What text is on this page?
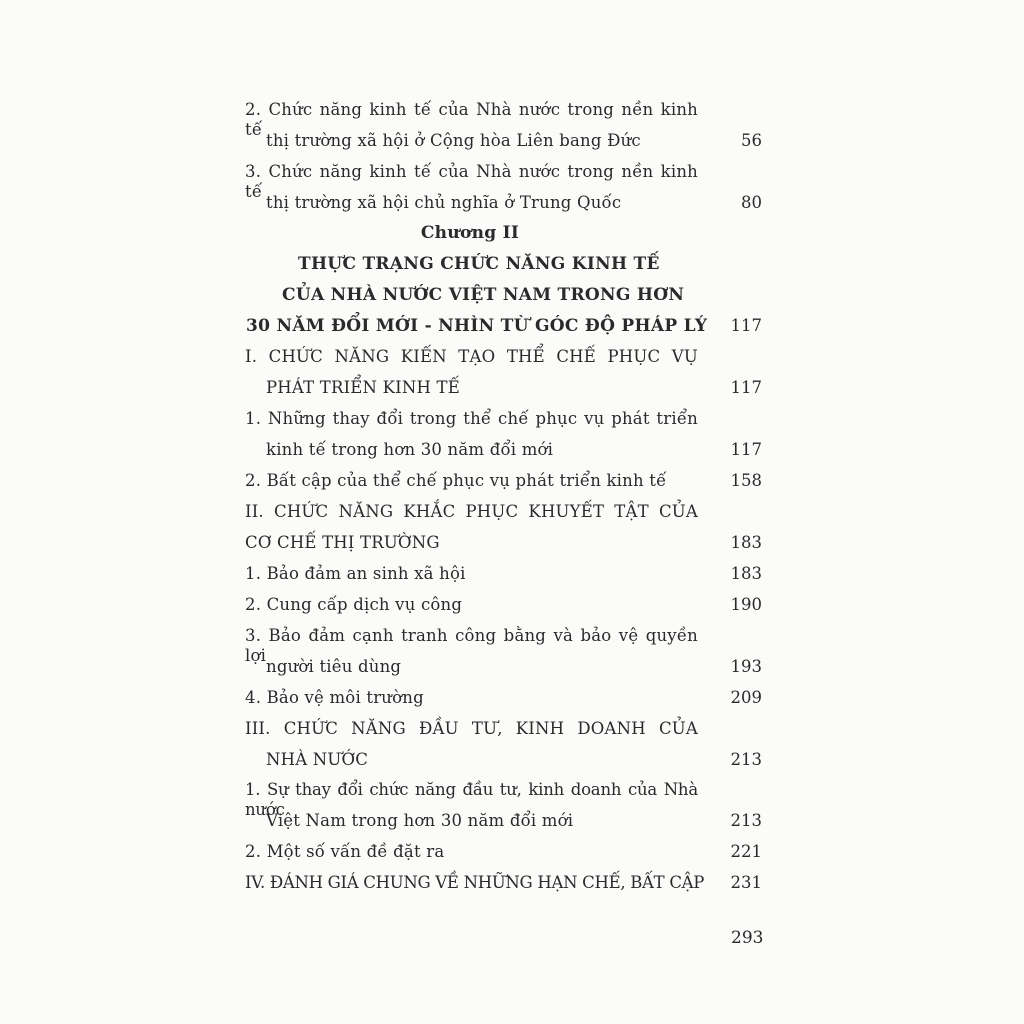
2. Chức năng kinh tế của Nhà nước trong nền kinh tế
thị trường xã hội ở Cộng hòa Liên bang Đức	56
3. Chức năng kinh tế của Nhà nước trong nền kinh tế
thị trường xã hội chủ nghĩa ở Trung Quốc	80
Chương II
THỰC TRẠNG CHỨC NĂNG KINH TẾ
CỦA NHÀ NƯỚC VIỆT NAM TRONG HƠN
30 NĂM ĐỔI MỚI - NHÌN TỪ GÓC ĐỘ PHÁP LÝ 117
I. CHỨC NĂNG KIẾN TẠO THỂ CHẾ PHỤC VỤ
PHÁT TRIỂN KINH TẾ	117
1. Những thay đổi trong thể chế phục vụ phát triển
kinh tế trong hơn 30 năm đổi mới	117
2. Bất cập của thể chế phục vụ phát triển kinh tế	158
II. CHỨC NĂNG KHẮC PHỤC KHUYẾT TẬT CỦA
CƠ CHẾ THỊ TRƯỜNG	183
1. Bảo đảm an sinh xã hội	183
2. Cung cấp dịch vụ công	190
3. Bảo đảm cạnh tranh công bằng và bảo vệ quyền lợi
người tiêu dùng	193
4. Bảo vệ môi trường	209
III. CHỨC NĂNG ĐẦU TƯ, KINH DOANH CỦA
NHÀ NƯỚC	213
1. Sự thay đổi chức năng đầu tư, kinh doanh của Nhà nước
Việt Nam trong hơn 30 năm đổi mới	213
2. Một số vấn đề đặt ra	221
IV. ĐÁNH GIÁ CHUNG VỀ NHỮNG HẠN CHẾ, BẤT CẬP 231
293
